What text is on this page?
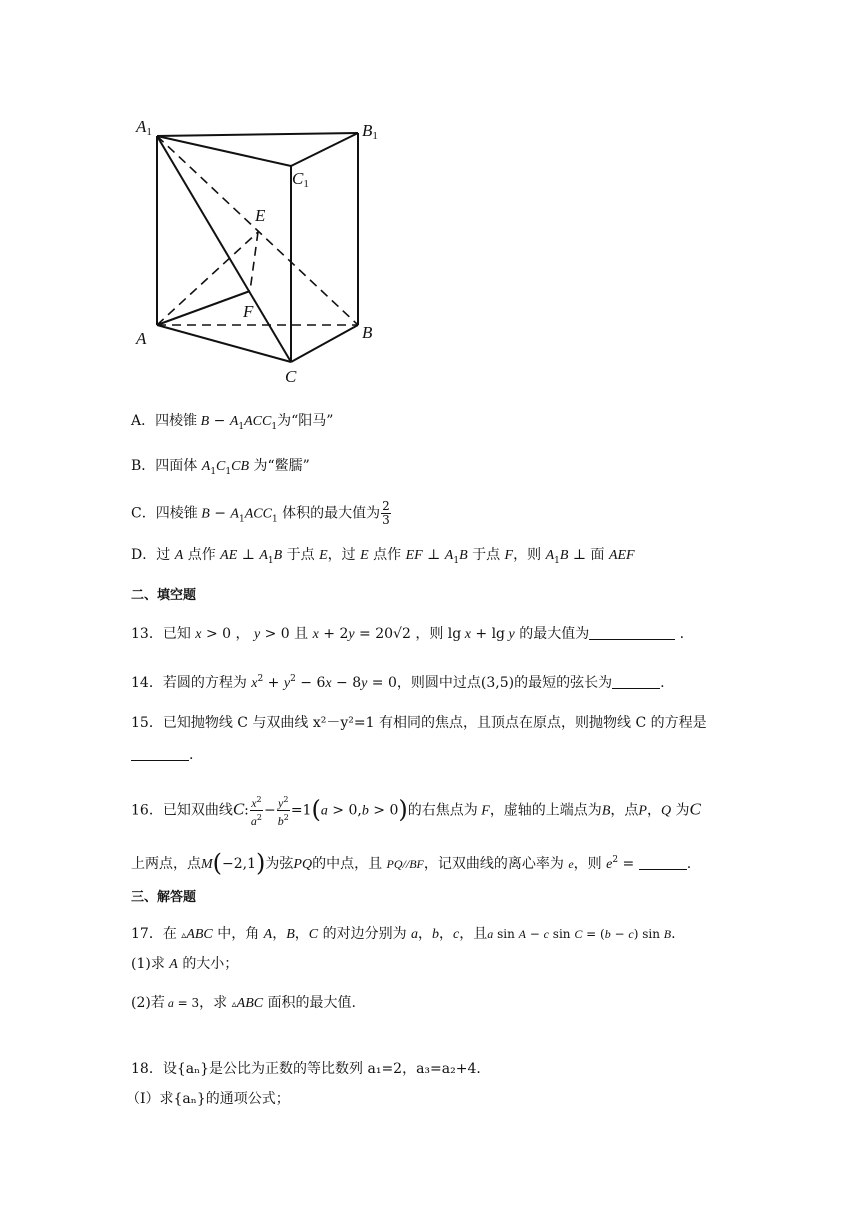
A1	B1
C1
E
F
A	B
C
A．四棱锥 $B - A_1ACC_1$为“阳马”
B．四面体 $A_1C_1CB$ 为“鳖臑”
C．四棱锥 $B - A_1ACC_1$ 体积的最大值为 $\frac{2}{3}$
D．过 A 点作 AE ⊥ $A_1B$ 于点 E，过 E 点作 EF ⊥ $A_1B$ 于点 F，则 $A_1B$ ⊥ 面 AEF
二、填空题
13．已知 x > 0 ， y > 0 且 x + 2y = 20√2 ，则 lg x + lg y 的最大值为	.
14．若圆的方程为 $x^2 + y^2 - 6x - 8y = 0$，则圆中过点(3,5)的最短的弦长为	.
15．已知抛物线 C 与双曲线 x²－y²=1 有相同的焦点，且顶点在原点，则抛物线 C 的方程是
.
16．已知双曲线C: $\frac{x^2}{a^2} - \frac{y^2}{b^2} =1(a > 0,b > 0)$的右焦点为 F，虚轴的上端点为B，点P，Q 为C
上两点，点M(−2,1)为弦PQ的中点，且 PQ//BF，记双曲线的离心率为 e，则 $e^2$ =	.
三、解答题
17．在 ▵ABC 中，角 A，B，C 的对边分别为 a，b，c，且a sin A − c sin C = (b − c) sin B.
(1)求 A 的大小；
(2)若 a = 3，求 ▵ABC 面积的最大值.
18．设{aₙ}是公比为正数的等比数列 a₁=2，a₃=a₂+4．
（I）求{aₙ}的通项公式；
